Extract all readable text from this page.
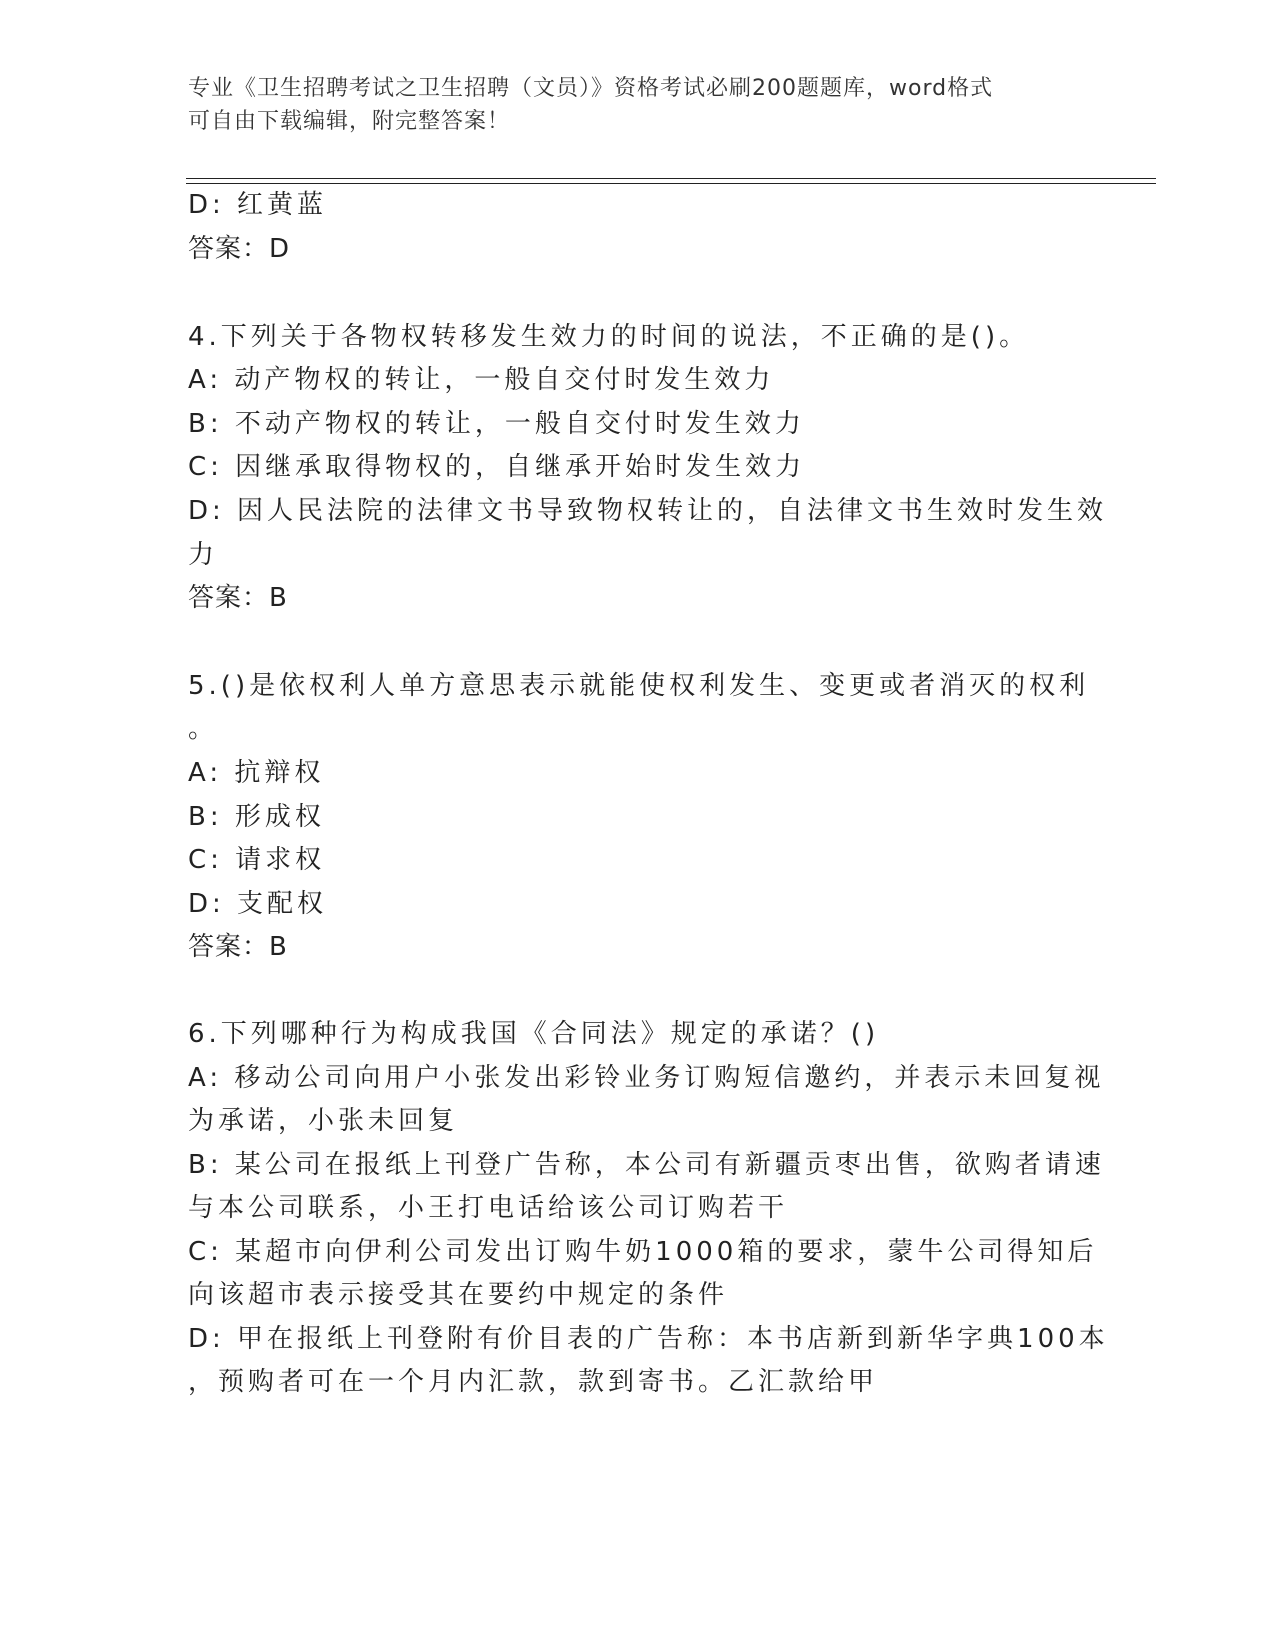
专业《卫生招聘考试之卫生招聘（文员）》资格考试必刷200题题库，word格式
可自由下载编辑，附完整答案！
D: 红黄蓝
答案：D
4.下列关于各物权转移发生效力的时间的说法，不正确的是()。
A: 动产物权的转让，一般自交付时发生效力
B: 不动产物权的转让，一般自交付时发生效力
C: 因继承取得物权的，自继承开始时发生效力
D: 因人民法院的法律文书导致物权转让的，自法律文书生效时发生效
力
答案：B
5.()是依权利人单方意思表示就能使权利发生、变更或者消灭的权利
。
A: 抗辩权
B: 形成权
C: 请求权
D: 支配权
答案：B
6.下列哪种行为构成我国《合同法》规定的承诺？()
A: 移动公司向用户小张发出彩铃业务订购短信邀约，并表示未回复视
为承诺，小张未回复
B: 某公司在报纸上刊登广告称，本公司有新疆贡枣出售，欲购者请速
与本公司联系，小王打电话给该公司订购若干
C: 某超市向伊利公司发出订购牛奶1000箱的要求，蒙牛公司得知后
向该超市表示接受其在要约中规定的条件
D: 甲在报纸上刊登附有价目表的广告称：本书店新到新华字典100本
，预购者可在一个月内汇款，款到寄书。乙汇款给甲
